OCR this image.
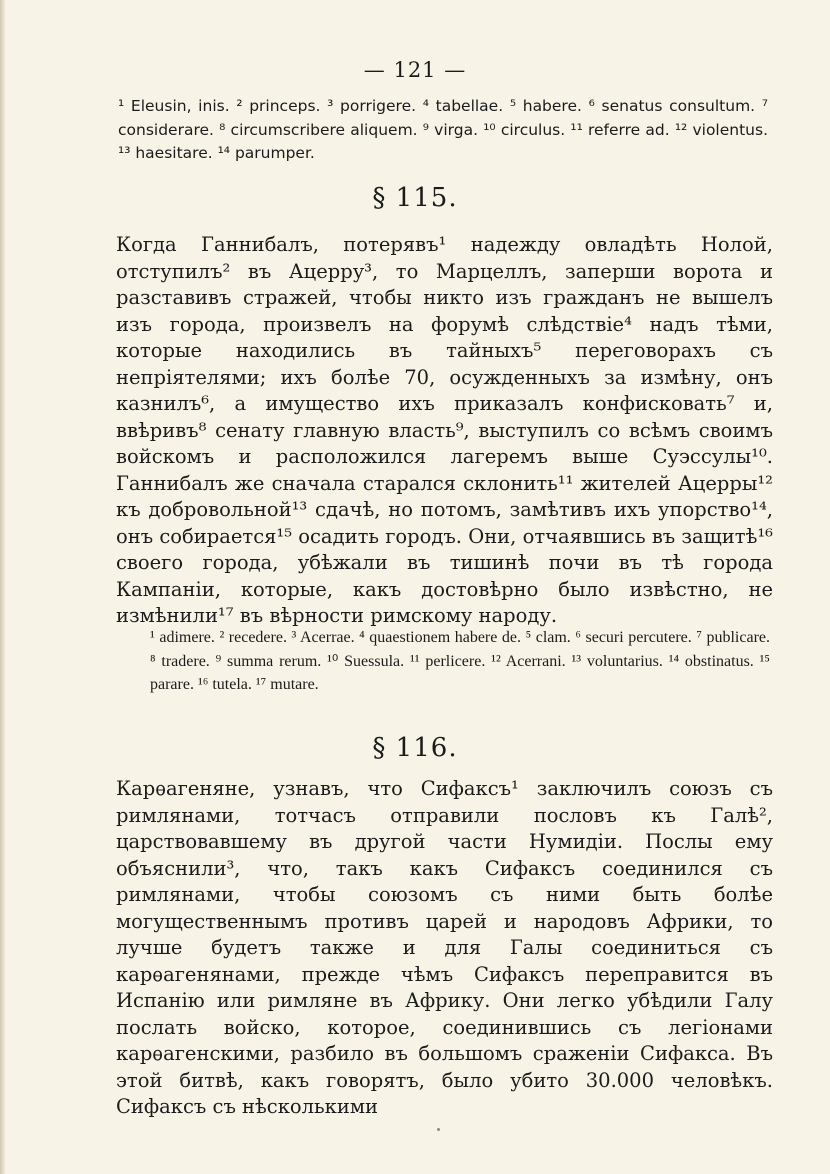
— 121 —
¹ Eleusin, inis. ² princeps. ³ porrigere. ⁴ tabellae. ⁵ habere. ⁶ senatus consultum. ⁷ considerare. ⁸ circumscribere aliquem. ⁹ virga. ¹⁰ circulus. ¹¹ referre ad. ¹² violentus. ¹³ haesitare. ¹⁴ parumper.
§ 115.

Когда Ганнибалъ, потерявъ¹ надежду овладѣть Нолой, отступилъ² въ Ацерру³, то Марцеллъ, заперши ворота и разставивъ стражей, чтобы никто изъ гражданъ не вышелъ изъ города, произвелъ на форумѣ слѣдствіе⁴ надъ тѣми, которые находились въ тайныхъ⁵ переговорахъ съ непріятелями; ихъ болѣе 70, осужденныхъ за измѣну, онъ казнилъ⁶, а имущество ихъ приказалъ конфисковать⁷ и, ввѣривъ⁸ сенату главную власть⁹, выступилъ со всѣмъ своимъ войскомъ и расположился лагеремъ выше Суэссулы¹⁰. Ганнибалъ же сначала старался склонить¹¹ жителей Ацерры¹² къ добровольной¹³ сдачѣ, но потомъ, замѣтивъ ихъ упорство¹⁴, онъ собирается¹⁵ осадить городъ. Они, отчаявшись въ защитѣ¹⁶ своего города, убѣжали въ тишинѣ почи въ тѣ города Кампаніи, которые, какъ достовѣрно было извѣстно, не измѣнили¹⁷ въ вѣрности римскому народу.

¹ adimere. ² recedere. ³ Acerrae. ⁴ quaestionem habere de. ⁵ clam. ⁶ securi percutere. ⁷ publicare. ⁸ tradere. ⁹ summa rerum. ¹⁰ Suessula. ¹¹ perlicere. ¹² Acerrani. ¹³ voluntarius. ¹⁴ obstinatus. ¹⁵ parare. ¹⁶ tutela. ¹⁷ mutare.
§ 116.

Карѳагеняне, узнавъ, что Сифаксъ¹ заключилъ союзъ съ римлянами, тотчасъ отправили пословъ къ Галѣ², царствовавшему въ другой части Нумидіи. Послы ему объяснили³, что, такъ какъ Сифаксъ соединился съ римлянами, чтобы союзомъ съ ними быть болѣе могущественнымъ противъ царей и народовъ Африки, то лучше будетъ также и для Галы соединиться съ карѳагенянами, прежде чѣмъ Сифаксъ переправится въ Испанію или римляне въ Африку. Они легко убѣдили Галу послать войско, которое, соединившись съ легіонами карѳагенскими, разбило въ большомъ сраженіи Сифакса. Въ этой битвѣ, какъ говорятъ, было убито 30.000 человѣкъ. Сифаксъ съ нѣсколькими
